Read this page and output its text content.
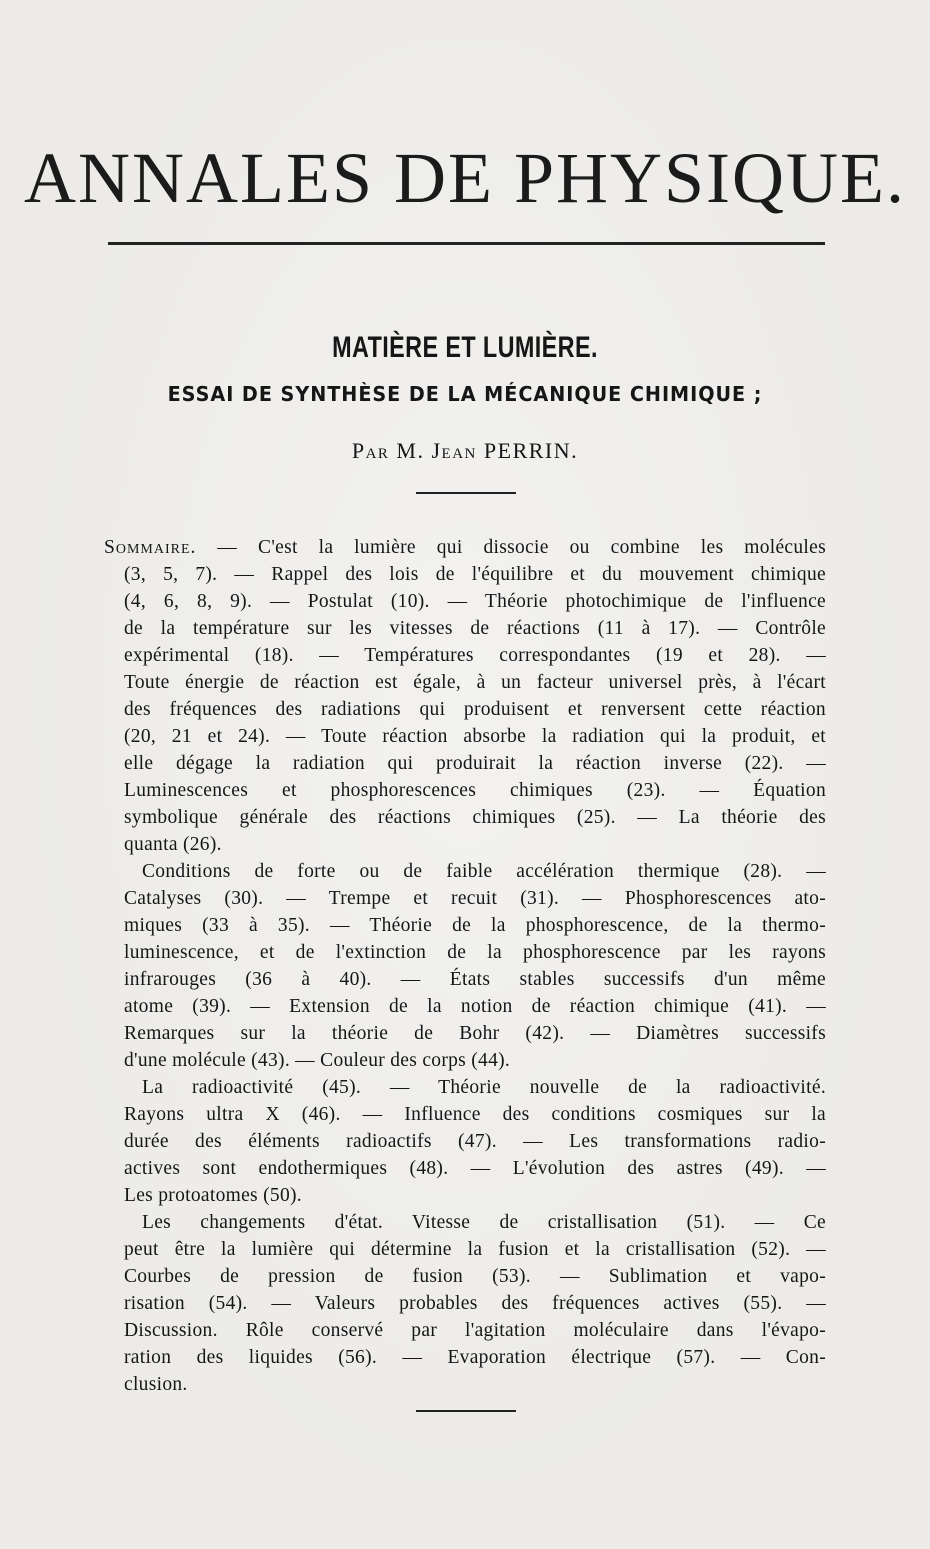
ANNALES DE PHYSIQUE.
MATIÈRE ET LUMIÈRE.
ESSAI DE SYNTHÈSE DE LA MÉCANIQUE CHIMIQUE ;
Par M. Jean PERRIN.
Sommaire. — C'est la lumière qui dissocie ou combine les molécules
(3, 5, 7). — Rappel des lois de l'équilibre et du mouvement chimique
(4, 6, 8, 9). — Postulat (10). — Théorie photochimique de l'influence
de la température sur les vitesses de réactions (11 à 17). — Contrôle
expérimental (18). — Températures correspondantes (19 et 28). —
Toute énergie de réaction est égale, à un facteur universel près, à l'écart
des fréquences des radiations qui produisent et renversent cette réaction
(20, 21 et 24). — Toute réaction absorbe la radiation qui la produit, et
elle dégage la radiation qui produirait la réaction inverse (22). —
Luminescences et phosphorescences chimiques (23). — Équation
symbolique générale des réactions chimiques (25). — La théorie des
quanta (26).
Conditions de forte ou de faible accélération thermique (28). —
Catalyses (30). — Trempe et recuit (31). — Phosphorescences ato-
miques (33 à 35). — Théorie de la phosphorescence, de la thermo-
luminescence, et de l'extinction de la phosphorescence par les rayons
infrarouges (36 à 40). — États stables successifs d'un même
atome (39). — Extension de la notion de réaction chimique (41). —
Remarques sur la théorie de Bohr (42). — Diamètres successifs
d'une molécule (43). — Couleur des corps (44).
La radioactivité (45). — Théorie nouvelle de la radioactivité.
Rayons ultra X (46). — Influence des conditions cosmiques sur la
durée des éléments radioactifs (47). — Les transformations radio-
actives sont endothermiques (48). — L'évolution des astres (49). —
Les protoatomes (50).
Les changements d'état. Vitesse de cristallisation (51). — Ce
peut être la lumière qui détermine la fusion et la cristallisation (52). —
Courbes de pression de fusion (53). — Sublimation et vapo-
risation (54). — Valeurs probables des fréquences actives (55). —
Discussion. Rôle conservé par l'agitation moléculaire dans l'évapo-
ration des liquides (56). — Evaporation électrique (57). — Con-
clusion.
